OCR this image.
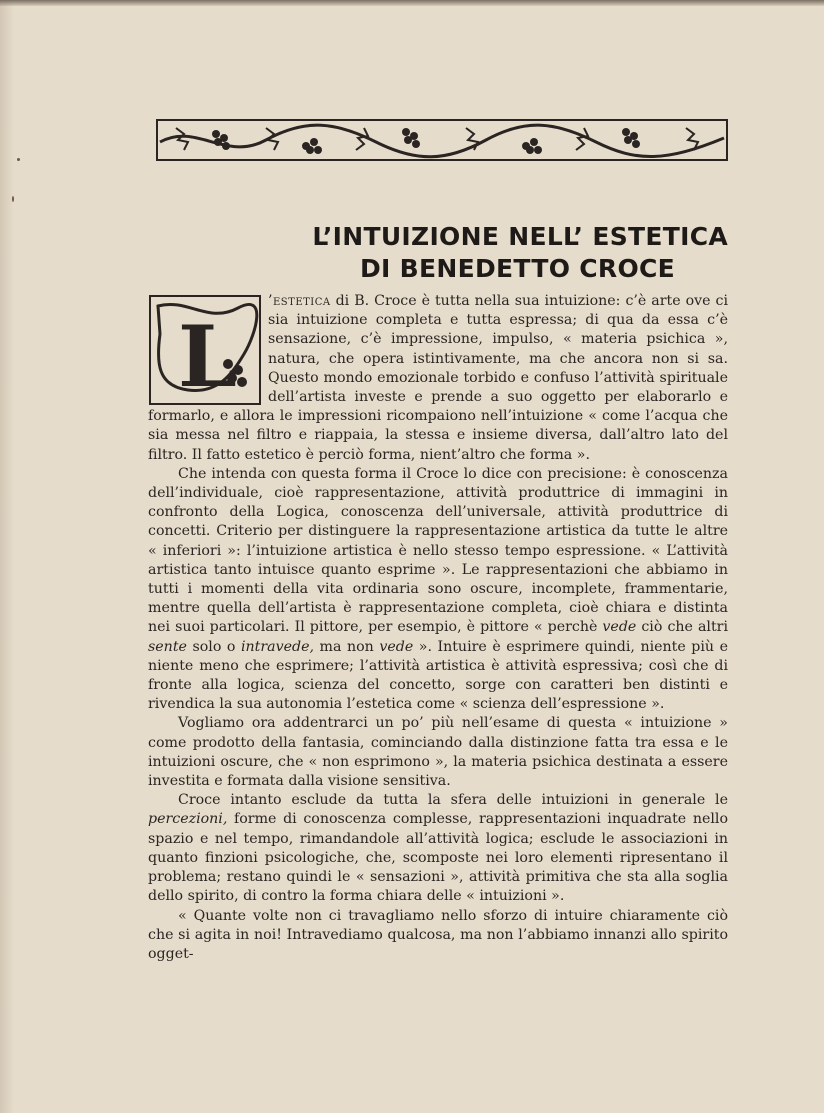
L’INTUIZIONE NELL’ ESTETICA
DI BENEDETTO CROCE
L

’estetica di B. Croce è tutta nella sua intuizione: c’è arte ove ci sia intuizione completa e tutta espressa; di qua da essa c’è sensazione, c’è impressione, impulso, « materia psichica », natura, che opera istintivamente, ma che ancora non si sa. Questo mondo emozionale torbido e confuso l’attività spirituale dell’artista investe e prende a suo oggetto per elaborarlo e formarlo, e allora le impressioni ricompaiono nell’intuizione « come l’acqua che sia messa nel filtro e riappaia, la stessa e insieme diversa, dall’altro lato del filtro. Il fatto estetico è perciò forma, nient’altro che forma ».

Che intenda con questa forma il Croce lo dice con precisione: è conoscenza dell’individuale, cioè rappresentazione, attività produttrice di immagini in confronto della Logica, conoscenza dell’universale, attività produttrice di concetti. Criterio per distinguere la rappresentazione artistica da tutte le altre « inferiori »: l’intuizione artistica è nello stesso tempo espressione. « L’attività artistica tanto intuisce quanto esprime ». Le rappresentazioni che abbiamo in tutti i momenti della vita ordinaria sono oscure, incomplete, frammentarie, mentre quella dell’artista è rappresentazione completa, cioè chiara e distinta nei suoi particolari. Il pittore, per esempio, è pittore « perchè vede ciò che altri sente solo o intravede, ma non vede ». Intuire è esprimere quindi, niente più e niente meno che esprimere; l’attività artistica è attività espressiva; così che di fronte alla logica, scienza del concetto, sorge con caratteri ben distinti e rivendica la sua autonomia l’estetica come « scienza dell’espressione ».

Vogliamo ora addentrarci un po’ più nell’esame di questa « intuizione » come prodotto della fantasia, cominciando dalla distinzione fatta tra essa e le intuizioni oscure, che « non esprimono », la materia psichica destinata a essere investita e formata dalla visione sensitiva.

Croce intanto esclude da tutta la sfera delle intuizioni in generale le percezioni, forme di conoscenza complesse, rappresentazioni inquadrate nello spazio e nel tempo, rimandandole all’attività logica; esclude le associazioni in quanto finzioni psicologiche, che, scomposte nei loro elementi ripresentano il problema; restano quindi le « sensazioni », attività primitiva che sta alla soglia dello spirito, di contro la forma chiara delle « intuizioni ».

« Quante volte non ci travagliamo nello sforzo di intuire chiaramente ciò che si agita in noi! Intravediamo qualcosa, ma non l’abbiamo innanzi allo spirito ogget-
